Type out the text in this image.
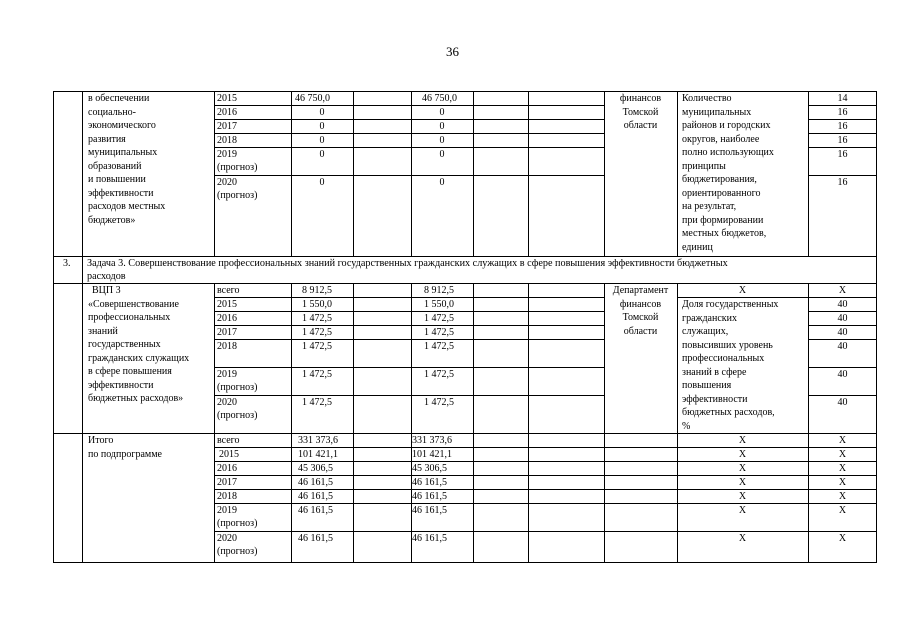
36
в обеспечении
социально-
экономического
развития
муниципальных
образований
и повышении
эффективности
расходов местных
бюджетов»
2015
2016
2017
2018
2019
(прогноз)
2020
(прогноз)
46 750,0
0
0
0
0
0
46 750,0
0
0
0
0
0
финансов
Томской
области
Количество
муниципальных
районов и городских
округов, наиболее
полно использующих
принципы
бюджетирования,
ориентированного
на результат,
при формировании
местных бюджетов,
единиц
14
16
16
16
16
16
3. Задача 3. Совершенствование профессиональных знаний государственных гражданских служащих в сфере повышения эффективности бюджетных
расходов
ВЦП 3
«Совершенствование
профессиональных
знаний
государственных
гражданских служащих
в сфере повышения
эффективности
бюджетных расходов»
всего
2015
2016
2017
2018
2019
(прогноз)
2020
(прогноз)
8 912,5
1 550,0
1 472,5
1 472,5
1 472,5
1 472,5
1 472,5
8 912,5
1 550,0
1 472,5
1 472,5
1 472,5
1 472,5
1 472,5
Департамент
финансов
Томской
области
X
Доля государственных
гражданских
служащих,
повысивших уровень
профессиональных
знаний в сфере
повышения
эффективности
бюджетных расходов,
%
X
40
40
40
40
40
40
Итого
по подпрограмме
всего
2015
2016
2017
2018
2019
(прогноз)
2020
(прогноз)
331 373,6
101 421,1
45 306,5
46 161,5
46 161,5
46 161,5
46 161,5
331 373,6
101 421,1
45 306,5
46 161,5
46 161,5
46 161,5
46 161,5
X
X
X
X
X
X
X
X
X
X
X
X
X
X
